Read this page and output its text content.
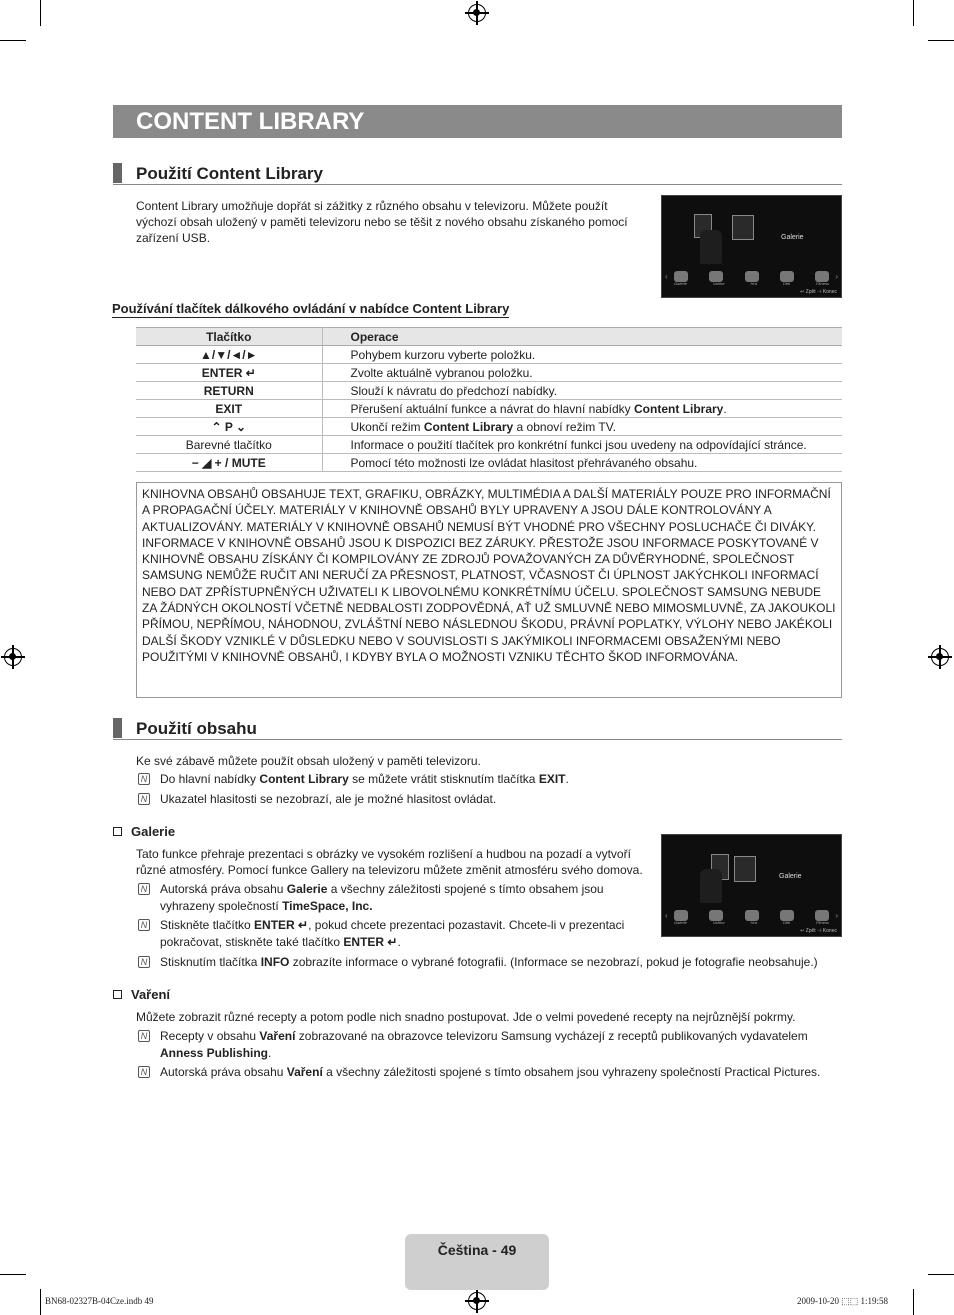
CONTENT LIBRARY
Použití Content Library
Content Library umožňuje dopřát si zážitky z různého obsahu v televizoru. Můžete použít výchozí obsah uložený v paměti televizoru nebo se těšit z nového obsahu získaného pomocí zařízení USB.	Galerie
‹	›
Galerie	Vaření	Hra	Děti	Fitness
↩ Zpět ⊣ Konec
Používání tlačítek dálkového ovládání v nabídce Content Library
Tlačítko	Operace
▲/▼/◄/►	Pohybem kurzoru vyberte položku.
ENTER ↵	Zvolte aktuálně vybranou položku.
RETURN	Slouží k návratu do předchozí nabídky.
EXIT	Přerušení aktuální funkce a návrat do hlavní nabídky Content Library.
⌃ P ⌄	Ukončí režim Content Library a obnoví režim TV.
Barevné tlačítko	Informace o použití tlačítek pro konkrétní funkci jsou uvedeny na odpovídající stránce.
− ◢ + / MUTE	Pomocí této možnosti lze ovládat hlasitost přehrávaného obsahu.
KNIHOVNA OBSAHŮ OBSAHUJE TEXT, GRAFIKU, OBRÁZKY, MULTIMÉDIA A DALŠÍ MATERIÁLY POUZE PRO INFORMAČNÍ A PROPAGAČNÍ ÚČELY. MATERIÁLY V KNIHOVNĚ OBSAHŮ BYLY UPRAVENY A JSOU DÁLE KONTROLOVÁNY A AKTUALIZOVÁNY. MATERIÁLY V KNIHOVNĚ OBSAHŮ NEMUSÍ BÝT VHODNÉ PRO VŠECHNY POSLUCHAČE ČI DIVÁKY. INFORMACE V KNIHOVNĚ OBSAHŮ JSOU K DISPOZICI BEZ ZÁRUKY. PŘESTOŽE JSOU INFORMACE POSKYTOVANÉ V KNIHOVNĚ OBSAHU ZÍSKÁNY ČI KOMPILOVÁNY ZE ZDROJŮ POVAŽOVANÝCH ZA DŮVĚRYHODNÉ, SPOLEČNOST SAMSUNG NEMŮŽE RUČIT ANI NERUČÍ ZA PŘESNOST, PLATNOST, VČASNOST ČI ÚPLNOST JAKÝCHKOLI INFORMACÍ NEBO DAT ZPŘÍSTUPNĚNÝCH UŽIVATELI K LIBOVOLNÉMU KONKRÉTNÍMU ÚČELU. SPOLEČNOST SAMSUNG NEBUDE ZA ŽÁDNÝCH OKOLNOSTÍ VČETNĚ NEDBALOSTI ZODPOVĚDNÁ, AŤ UŽ SMLUVNĚ NEBO MIMOSMLUVNĚ, ZA JAKOUKOLI PŘÍMOU, NEPŘÍMOU, NÁHODNOU, ZVLÁŠTNÍ NEBO NÁSLEDNOU ŠKODU, PRÁVNÍ POPLATKY, VÝLOHY NEBO JAKÉKOLI DALŠÍ ŠKODY VZNIKLÉ V DŮSLEDKU NEBO V SOUVISLOSTI S JAKÝMIKOLI INFORMACEMI OBSAŽENÝMI NEBO POUŽITÝMI V KNIHOVNĚ OBSAHŮ, I KDYBY BYLA O MOŽNOSTI VZNIKU TĚCHTO ŠKOD INFORMOVÁNA.
Použití obsahu
Ke své zábavě můžete použít obsah uložený v paměti televizoru.
N Do hlavní nabídky Content Library se můžete vrátit stisknutím tlačítka EXIT.
N Ukazatel hlasitosti se nezobrazí, ale je možné hlasitost ovládat.
Galerie
Tato funkce přehraje prezentaci s obrázky ve vysokém rozlišení a hudbou na pozadí a vytvoří různé atmosféry. Pomocí funkce Gallery na televizoru můžete změnit atmosféru svého domova.	Galerie
‹	›
Galerie	Vaření	Hra	Děti	Fitness
↩ Zpět ⊣ Konec
N Autorská práva obsahu Galerie a všechny záležitosti spojené s tímto obsahem jsou vyhrazeny společností TimeSpace, Inc.
N Stiskněte tlačítko ENTER ↵, pokud chcete prezentaci pozastavit. Chcete-li v prezentaci pokračovat, stiskněte také tlačítko ENTER ↵.
N Stisknutím tlačítka INFO zobrazíte informace o vybrané fotografii. (Informace se nezobrazí, pokud je fotografie neobsahuje.)
Vaření
Můžete zobrazit různé recepty a potom podle nich snadno postupovat. Jde o velmi povedené recepty na nejrůznější pokrmy.
N Recepty v obsahu Vaření zobrazované na obrazovce televizoru Samsung vycházejí z receptů publikovaných vydavatelem Anness Publishing.
N Autorská práva obsahu Vaření a všechny záležitosti spojené s tímto obsahem jsou vyhrazeny společností Practical Pictures.
Čeština - 49
BN68-02327B-04Cze.indb 49	2009-10-20 ⬚⬚ 1:19:58
